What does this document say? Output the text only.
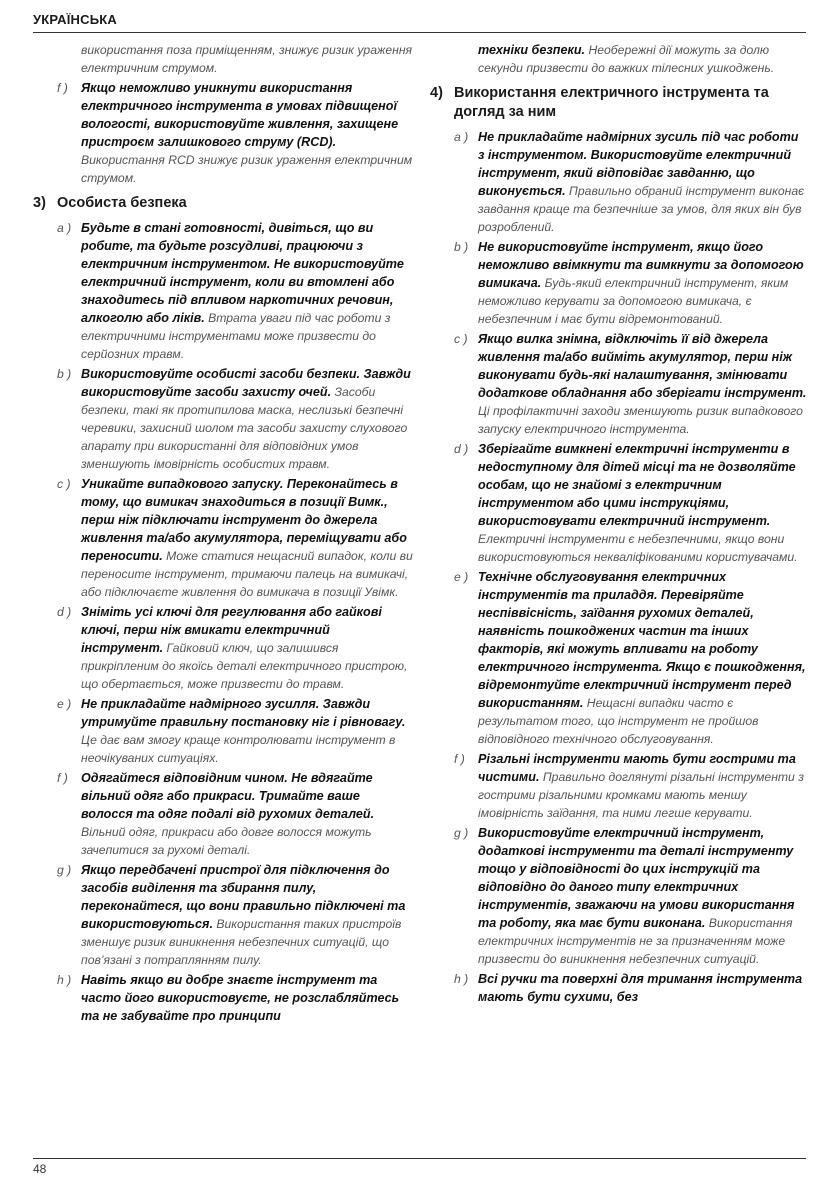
УКРАЇНСЬКА

використання поза приміщенням, знижує ризик ураження електричним струмом.

f )	Якщо неможливо уникнути використання електричного інструмента в умовах підвищеної вологості, використовуйте живлення, захищене пристроєм залишкового струму (RCD). Використання RCD знижує ризик ураження електричним струмом.

3) Особиста безпека
a ) Будьте в стані готовності, дивіться, що ви робите, та будьте розсудливі, працюючи з електричним інструментом. Не використовуйте електричний інструмент, коли ви втомлені або знаходитесь під впливом наркотичних речовин, алкоголю або ліків. Втрата уваги під час роботи з електричними інструментами може призвести до серйозних травм.

b ) Використовуйте особисті засоби безпеки. Завжди використовуйте засоби захисту очей. Засоби безпеки, такі як протипилова маска, неслизькі безпечні черевики, захисний шолом та засоби захисту слухового апарату при використанні для відповідних умов зменшують імовірність особистих травм.

c ) Уникайте випадкового запуску. Переконайтесь в тому, що вимикач знаходиться в позиції Вимк., перш ніж підключати інструмент до джерела живлення та/або акумулятора, переміщувати або переносити. Може статися нещасний випадок, коли ви переносите інструмент, тримаючи палець на вимикачі, або підключаєте живлення до вимикача в позиції Увімк.

d ) Зніміть усі ключі для регулювання або гайкові ключі, перш ніж вмикати електричний інструмент. Гайковий ключ, що залишився прикріпленим до якоїсь деталі електричного пристрою, що обертається, може призвести до травм.

e ) Не прикладайте надмірного зусилля. Завжди утримуйте правильну постановку ніг і рівновагу. Це дає вам змогу краще контролювати інструмент в неочікуваних ситуаціях.

f )	Одягайтеся відповідним чином. Не вдягайте вільний одяг або прикраси. Тримайте ваше волосся та одяг подалі від рухомих деталей. Вільний одяг, прикраси або довге волосся можуть зачепитися за рухомі деталі.

g ) Якщо передбачені пристрої для підключення до засобів виділення та збирання пилу, переконайтеся, що вони правильно підключені та використовуються. Використання таких пристроїв зменшує ризик виникнення небезпечних ситуацій, що пов’язані з потраплянням пилу.

h ) Навіть якщо ви добре знаєте інструмент та часто його використовуєте, не розслабляйтесь та не забувайте про принципи

техніки безпеки. Необережні дії можуть за долю секунди призвести до важких тілесних ушкоджень.

4) Використання електричного інструмента та догляд за ним
a ) Не прикладайте надмірних зусиль під час роботи з інструментом. Використовуйте електричний інструмент, який відповідає завданню, що виконується. Правильно обраний інструмент виконає завдання краще та безпечніше за умов, для яких він був розроблений.

b ) Не використовуйте інструмент, якщо його неможливо ввімкнути та вимкнути за допомогою вимикача. Будь-який електричний інструмент, яким неможливо керувати за допомогою вимикача, є небезпечним і має бути відремонтований.

c ) Якщо вилка знімна, відключіть її від джерела живлення та/або вийміть акумулятор, перш ніж виконувати будь-які налаштування, змінювати додаткове обладнання або зберігати інструмент. Ці профілактичні заходи зменшують ризик випадкового запуску електричного інструмента.

d ) Зберігайте вимкнені електричні інструменти в недоступному для дітей місці та не дозволяйте особам, що не знайомі з електричним інструментом або цими інструкціями, використовувати електричний інструмент. Електричні інструменти є небезпечними, якщо вони використовуються некваліфікованими користувачами.

e ) Технічне обслуговування електричних інструментів та приладдя. Перевіряйте неспіввісність, заїдання рухомих деталей, наявність пошкоджених частин та інших факторів, які можуть впливати на роботу електричного інструмента. Якщо є пошкодження, відремонтуйте електричний інструмент перед використанням. Нещасні випадки часто є результатом того, що інструмент не пройшов відповідного технічного обслуговування.

f )	Різальні інструменти мають бути гострими та чистими. Правильно доглянуті різальні інструменти з гострими різальними кромками мають меншу імовірність заїдання, та ними легше керувати.

g ) Використовуйте електричний інструмент, додаткові інструменти та деталі інструменту тощо у відповідності до цих інструкцій та відповідно до даного типу електричних інструментів, зважаючи на умови використання та роботу, яка має бути виконана. Використання електричних інструментів не за призначенням може призвести до виникнення небезпечних ситуацій.

h ) Всі ручки та поверхні для тримання інструмента мають бути сухими, без

48
